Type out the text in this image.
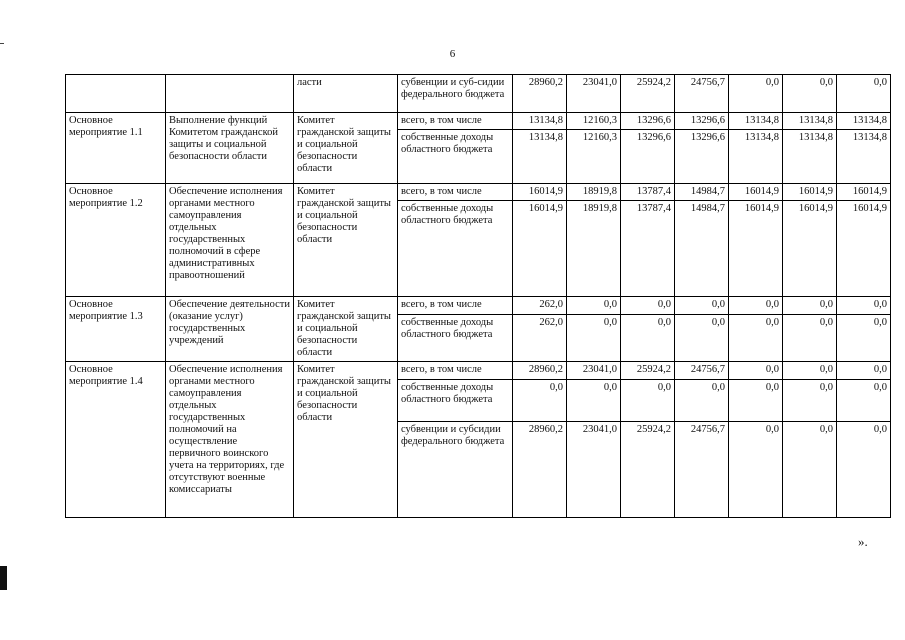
6
		ласти	субвенции и суб-сидии федерального бюджета	28960,2	23041,0	25924,2	24756,7	0,0	0,0	0,0
Основное мероприятие 1.1	Выполнение функций Комитетом гражданской защиты и социальной безопасности области	Комитет гражданской защиты и социальной безопасности области	всего, в том числе	13134,8	12160,3	13296,6	13296,6	13134,8	13134,8	13134,8
			собственные доходы областного бюджета	13134,8	12160,3	13296,6	13296,6	13134,8	13134,8	13134,8
Основное мероприятие 1.2	Обеспечение исполнения органами местного самоуправления отдельных государственных полномочий в сфере административных правоотношений	Комитет гражданской защиты и социальной безопасности области	всего, в том числе	16014,9	18919,8	13787,4	14984,7	16014,9	16014,9	16014,9
			собственные доходы областного бюджета	16014,9	18919,8	13787,4	14984,7	16014,9	16014,9	16014,9
Основное мероприятие 1.3	Обеспечение деятельности (оказание услуг) государственных учреждений	Комитет гражданской защиты и социальной безопасности области	всего, в том числе	262,0	0,0	0,0	0,0	0,0	0,0	0,0
			собственные доходы областного бюджета	262,0	0,0	0,0	0,0	0,0	0,0	0,0
Основное мероприятие 1.4	Обеспечение исполнения органами местного самоуправления отдельных государственных полномочий на осуществление первичного воинского учета на территориях, где отсутствуют военные комиссариаты	Комитет гражданской защиты и социальной безопасности области	всего, в том числе	28960,2	23041,0	25924,2	24756,7	0,0	0,0	0,0
			собственные доходы областного бюджета	0,0	0,0	0,0	0,0	0,0	0,0	0,0
			субвенции и субсидии федерального бюджета	28960,2	23041,0	25924,2	24756,7	0,0	0,0	0,0
».
